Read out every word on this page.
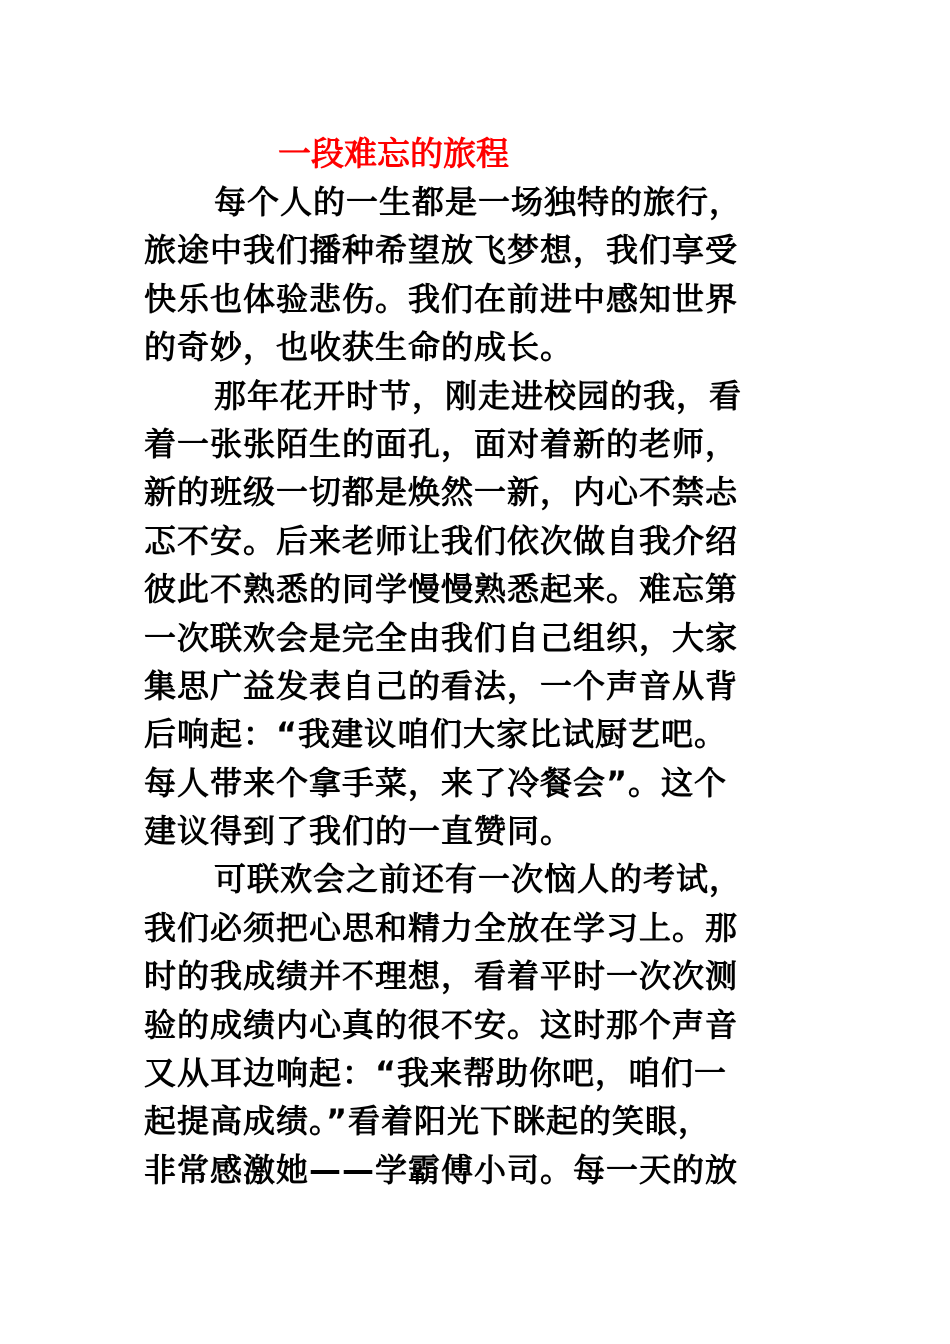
一段难忘的旅程
每个人的一生都是一场独特的旅行，
旅途中我们播种希望放飞梦想，我们享受
快乐也体验悲伤。我们在前进中感知世界
的奇妙，也收获生命的成长。
那年花开时节，刚走进校园的我，看
着一张张陌生的面孔，面对着新的老师，
新的班级一切都是焕然一新，内心不禁忐
忑不安。后来老师让我们依次做自我介绍
彼此不熟悉的同学慢慢熟悉起来。难忘第
一次联欢会是完全由我们自己组织，大家
集思广益发表自己的看法，一个声音从背
后响起：“我建议咱们大家比试厨艺吧。
每人带来个拿手菜，来了冷餐会”。这个
建议得到了我们的一直赞同。
可联欢会之前还有一次恼人的考试，
我们必须把心思和精力全放在学习上。那
时的我成绩并不理想，看着平时一次次测
验的成绩内心真的很不安。这时那个声音
又从耳边响起：“我来帮助你吧，咱们一
起提高成绩。”看着阳光下眯起的笑眼，
非常感激她——学霸傅小司。每一天的放
